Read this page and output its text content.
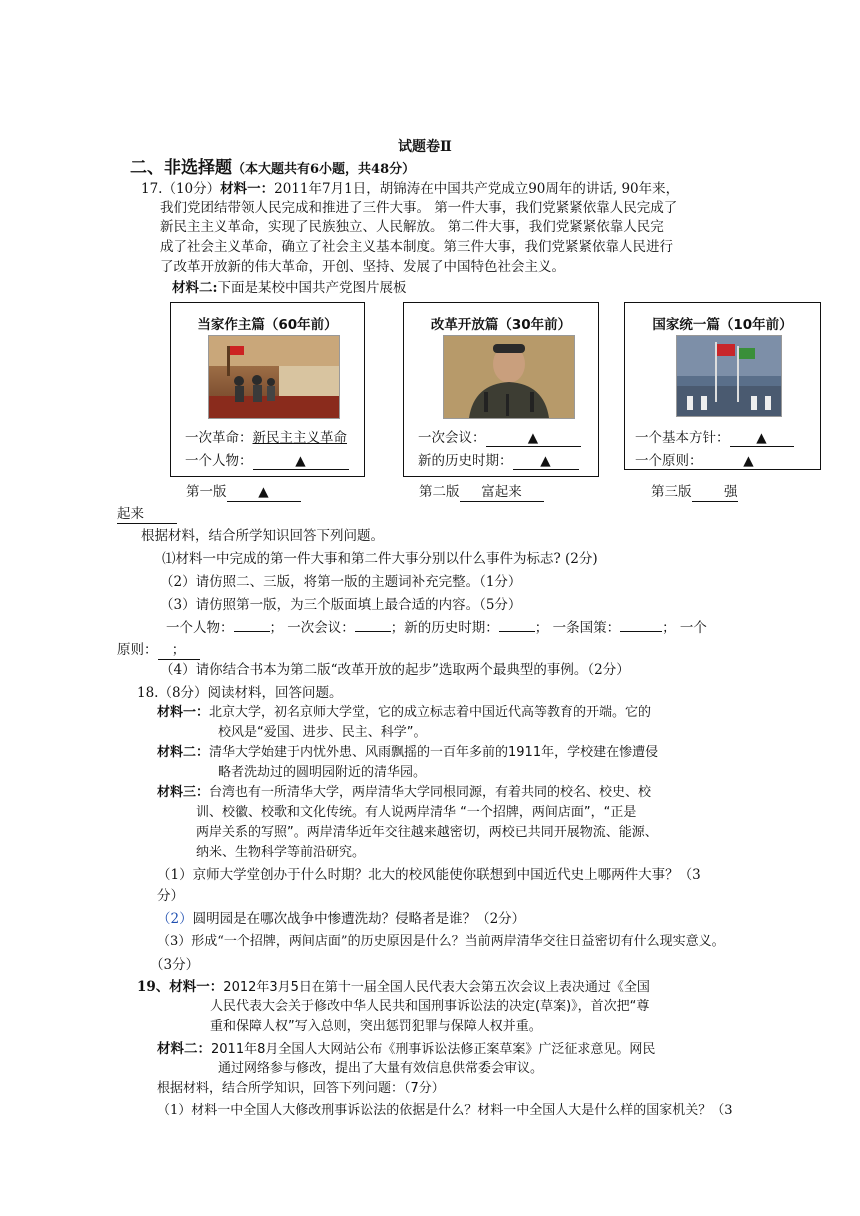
试题卷Ⅱ
二、非选择题（本大题共有6小题，共48分）
17.（10分）材料一：2011年7月1日，胡锦涛在中国共产党成立90周年的讲话, 90年来，
我们党团结带领人民完成和推进了三件大事。 第一件大事，我们党紧紧依靠人民完成了
新民主主义革命，实现了民族独立、人民解放。 第二件大事，我们党紧紧依靠人民完
成了社会主义革命，确立了社会主义基本制度。第三件大事，我们党紧紧依靠人民进行
了改革开放新的伟大革命，开创、坚持、发展了中国特色社会主义。
材料二:下面是某校中国共产党图片展板
当家作主篇（60年前）
一次革命：新民主主义革命
一个人物：	▲
改革开放篇（30年前）
一次会议：	▲
新的历史时期： ▲
国家统一篇（10年前）
一个基本方针： ▲
一个原则：	▲
第一版 ▲	第二版 富起来	第三版 强
起来
根据材料，结合所学知识回答下列问题。
⑴材料一中完成的第一件大事和第二件大事分别以什么事件为标志? (2分)
（2）请仿照二、三版，将第一版的主题词补充完整。（1分）
（3）请仿照第一版，为三个版面填上最合适的内容。（5分）
一个人物：	； 一次会议：	；新的历史时期：	； 一条国策：	； 一个
原则： ；
（4）请你结合书本为第二版“改革开放的起步”选取两个最典型的事例。（2分）
18.（8分）阅读材料，回答问题。
材料一：北京大学，初名京师大学堂，它的成立标志着中国近代高等教育的开端。它的
校风是“爱国、进步、民主、科学”。
材料二：清华大学始建于内忧外患、风雨飘摇的一百年多前的1911年，学校建在惨遭侵
略者洗劫过的圆明园附近的清华园。
材料三：台湾也有一所清华大学，两岸清华大学同根同源，有着共同的校名、校史、校
训、校徽、校歌和文化传统。有人说两岸清华 “一个招牌，两间店面”，“正是
两岸关系的写照”。两岸清华近年交往越来越密切，两校已共同开展物流、能源、
纳米、生物科学等前沿研究。
（1）京师大学堂创办于什么时期？北大的校风能使你联想到中国近代史上哪两件大事？（3
分）
（2）圆明园是在哪次战争中惨遭洗劫？侵略者是谁？（2分）
（3）形成“一个招牌，两间店面”的历史原因是什么？当前两岸清华交往日益密切有什么现实意义。
（3分）
19、材料一：2012年3月5日在第十一届全国人民代表大会第五次会议上表决通过《全国
人民代表大会关于修改中华人民共和国刑事诉讼法的决定(草案)》，首次把“尊
重和保障人权”写入总则，突出惩罚犯罪与保障人权并重。
材料二：2011年8月全国人大网站公布《刑事诉讼法修正案草案》广泛征求意见。网民
通过网络参与修改，提出了大量有效信息供常委会审议。
根据材料，结合所学知识，回答下列问题：（7分）
（1）材料一中全国人大修改刑事诉讼法的依据是什么？材料一中全国人大是什么样的国家机关？（3
